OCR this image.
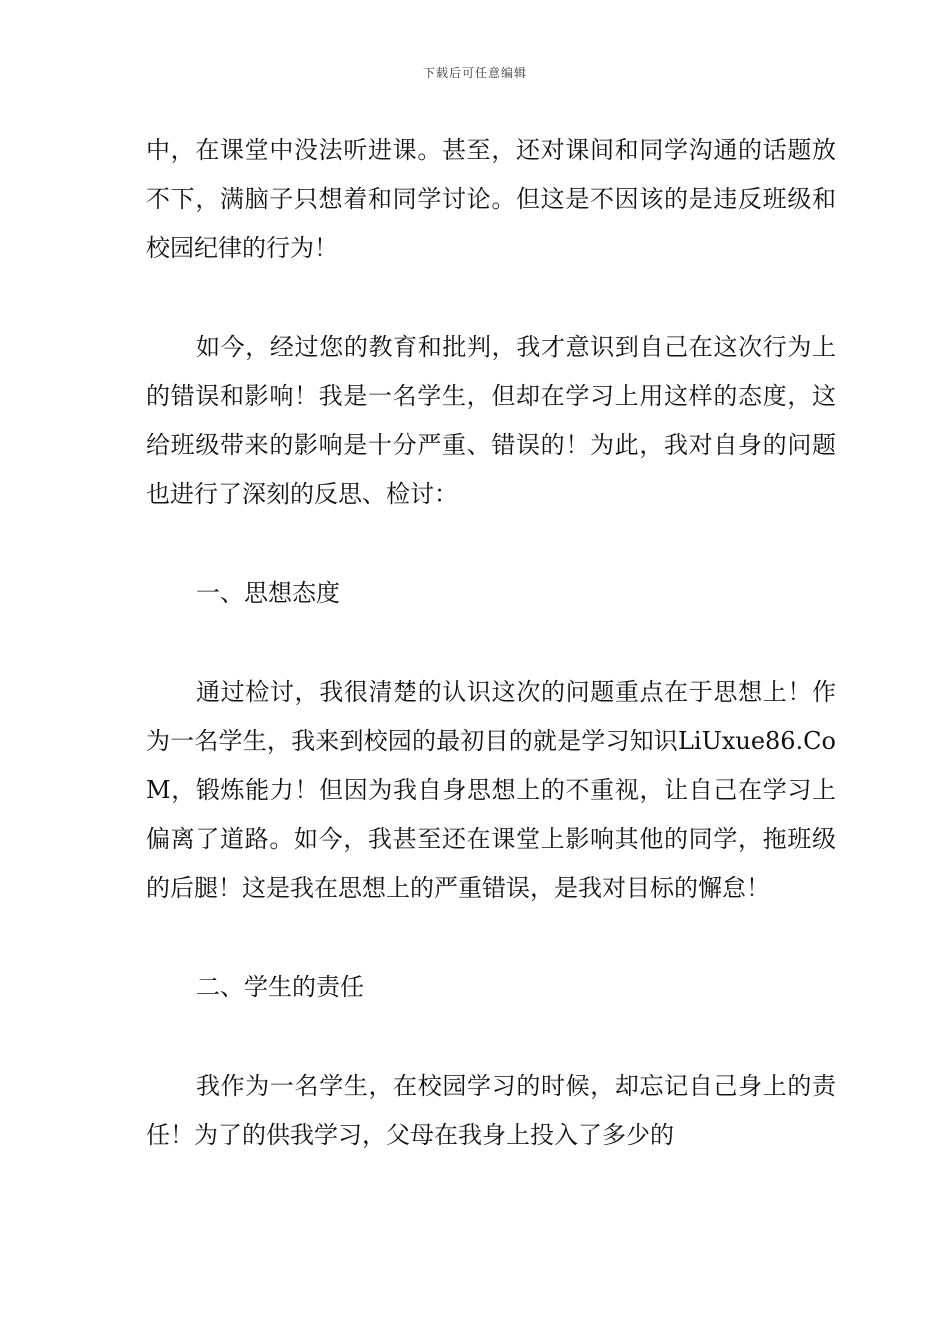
下载后可任意编辑

中，在课堂中没法听进课。甚至，还对课间和同学沟通的话题放不下，满脑子只想着和同学讨论。但这是不因该的是违反班级和校园纪律的行为！

如今，经过您的教育和批判，我才意识到自己在这次行为上的错误和影响！我是一名学生，但却在学习上用这样的态度，这给班级带来的影响是十分严重、错误的！为此，我对自身的问题也进行了深刻的反思、检讨：

一、思想态度

通过检讨，我很清楚的认识这次的问题重点在于思想上！作为一名学生，我来到校园的最初目的就是学习知识LiUxue86.CoM，锻炼能力！但因为我自身思想上的不重视，让自己在学习上偏离了道路。如今，我甚至还在课堂上影响其他的同学，拖班级的后腿！这是我在思想上的严重错误，是我对目标的懈怠！

二、学生的责任

我作为一名学生，在校园学习的时候，却忘记自己身上的责任！为了的供我学习，父母在我身上投入了多少的
